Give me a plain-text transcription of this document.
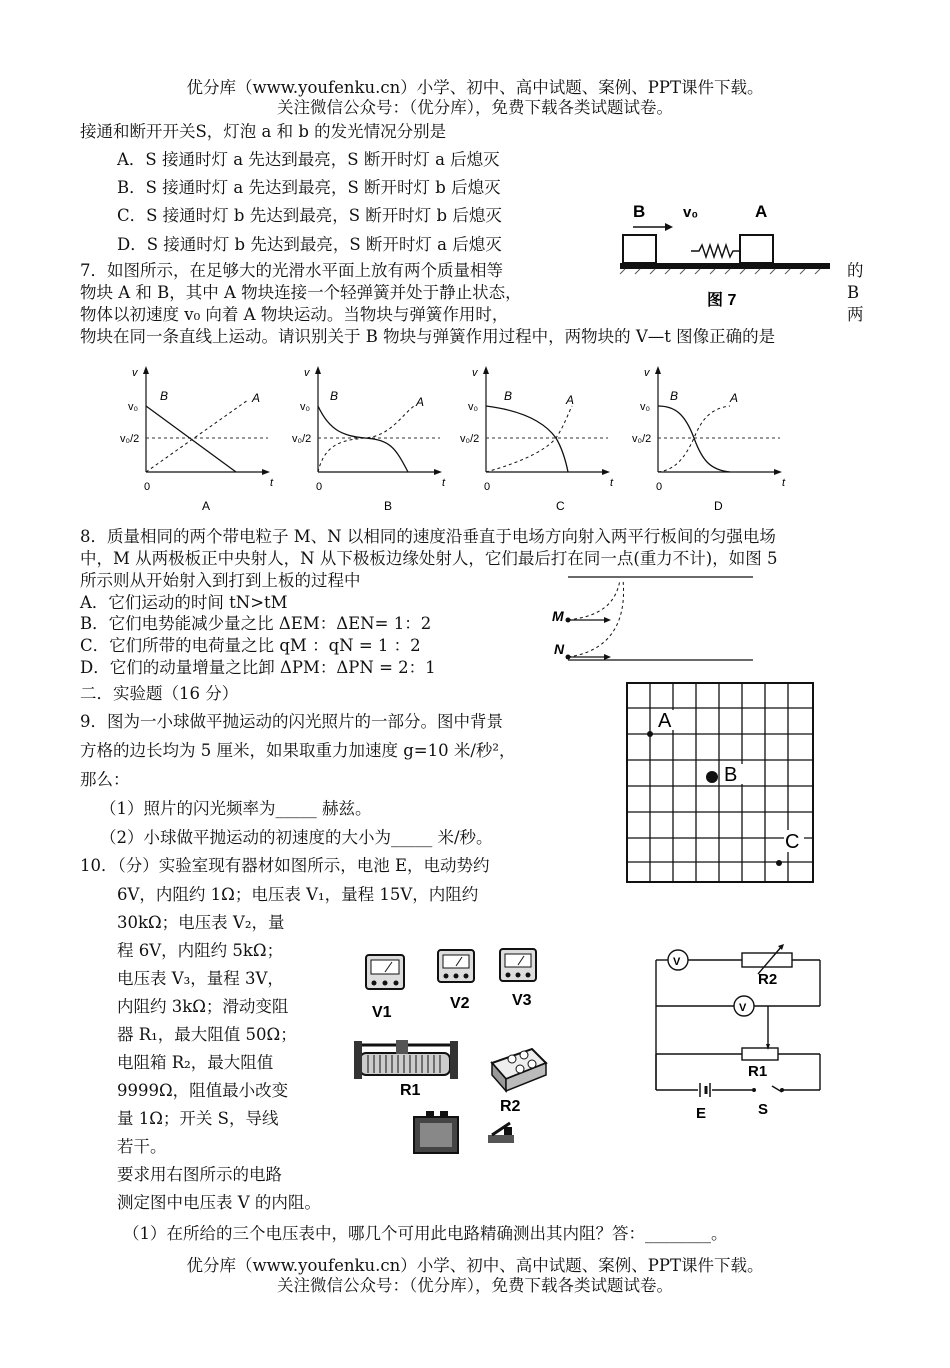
优分库（www.youfenku.cn）小学、初中、高中试题、案例、PPT课件下载。
关注微信公众号：（优分库），免费下载各类试题试卷。
接通和断开开关S，灯泡 a 和 b 的发光情况分别是
A．S 接通时灯 a 先达到最亮，S 断开时灯 a 后熄灭
B．S 接通时灯 a 先达到最亮，S 断开时灯 b 后熄灭
C．S 接通时灯 b 先达到最亮，S 断开时灯 b 后熄灭
D．S 接通时灯 b 先达到最亮，S 断开时灯 a 后熄灭
B	v₀	A
图 7
7．如图所示，在足够大的光滑水平面上放有两个质量相等	的
物块 A 和 B，其中 A 物块连接一个轻弹簧并处于静止状态，	B
物体以初速度 v₀ 向着 A 物块运动。当物块与弹簧作用时，	两
物块在同一条直线上运动。请识别关于 B 物块与弹簧作用过程中，两物块的 V—t 图像正确的是
v
v₀
v₀/2
0	t
B	A
A
v
v₀
v₀/2
0	t
B	A
B
v
v₀
v₀/2
0	t
B	A
C
v
v₀
v₀/2
0	t
B	A
D
8．质量相同的两个带电粒子 M、N 以相同的速度沿垂直于电场方向射入两平行板间的匀强电场
中，M 从两极板正中央射人，N 从下极板边缘处射人，它们最后打在同一点(重力不计)，如图 5
所示则从开始射入到打到上板的过程中
A．它们运动的时间 tN>tM
B．它们电势能减少量之比 ΔEM：ΔEN= 1：2
C．它们所带的电荷量之比 qM ：qN = 1 ：2
D．它们的动量增量之比卸 ΔPM：ΔPN = 2：1
M
N
二．实验题（16 分）
9．图为一小球做平抛运动的闪光照片的一部分。图中背景
方格的边长均为 5 厘米，如果取重力加速度 g=10 米/秒²，
那么：
（1）照片的闪光频率为_____ 赫兹。
（2）小球做平抛运动的初速度的大小为_____ 米/秒。
A
B
C
10．（分）实验室现有器材如图所示，电池 E，电动势约
6V，内阻约 1Ω；电压表 V₁，量程 15V，内阻约
30kΩ；电压表 V₂，量
程 6V，内阻约 5kΩ；
电压表 V₃，量程 3V，
内阻约 3kΩ；滑动变阻
器 R₁，最大阻值 50Ω；
电阻箱 R₂，最大阻值
9999Ω，阻值最小改变
量 1Ω；开关 S，导线
若干。
要求用右图所示的电路
测定图中电压表 V 的内阻。
（1）在所给的三个电压表中，哪几个可用此电路精确测出其内阻？答：________。
V1
V2	V3
R1
R2
V
V
R2
R1
E	S
优分库（www.youfenku.cn）小学、初中、高中试题、案例、PPT课件下载。
关注微信公众号：（优分库），免费下载各类试题试卷。
